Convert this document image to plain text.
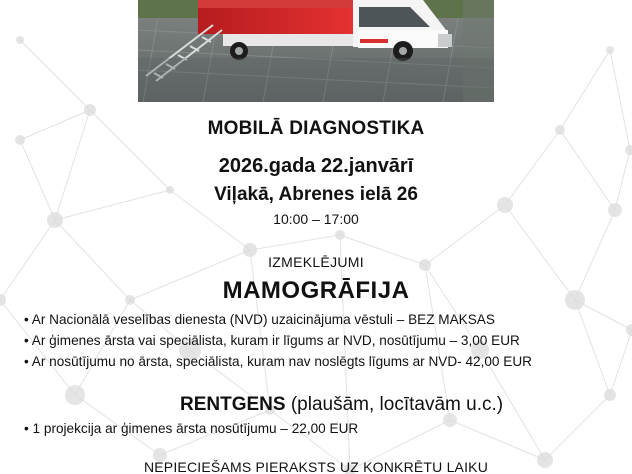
MOBILĀ DIAGNOSTIKA
2026.gada 22.janvārī
Viļakā, Abrenes ielā 26
10:00 – 17:00
IZMEKLĒJUMI
MAMOGRĀFIJA
• Ar Nacionālā veselības dienesta (NVD) uzaicinājuma vēstuli – BEZ MAKSAS
• Ar ģimenes ārsta vai speciālista, kuram ir līgums ar NVD, nosūtījumu – 3,00 EUR
• Ar nosūtījumu no ārsta, speciālista, kuram nav noslēgts līgums ar NVD- 42,00 EUR
RENTGENS (plaušām, locītavām u.c.)
• 1 projekcija ar ģimenes ārsta nosūtījumu – 22,00 EUR
NEPIECIEŠAMS PIERAKSTS UZ KONKRĒTU LAIKU
